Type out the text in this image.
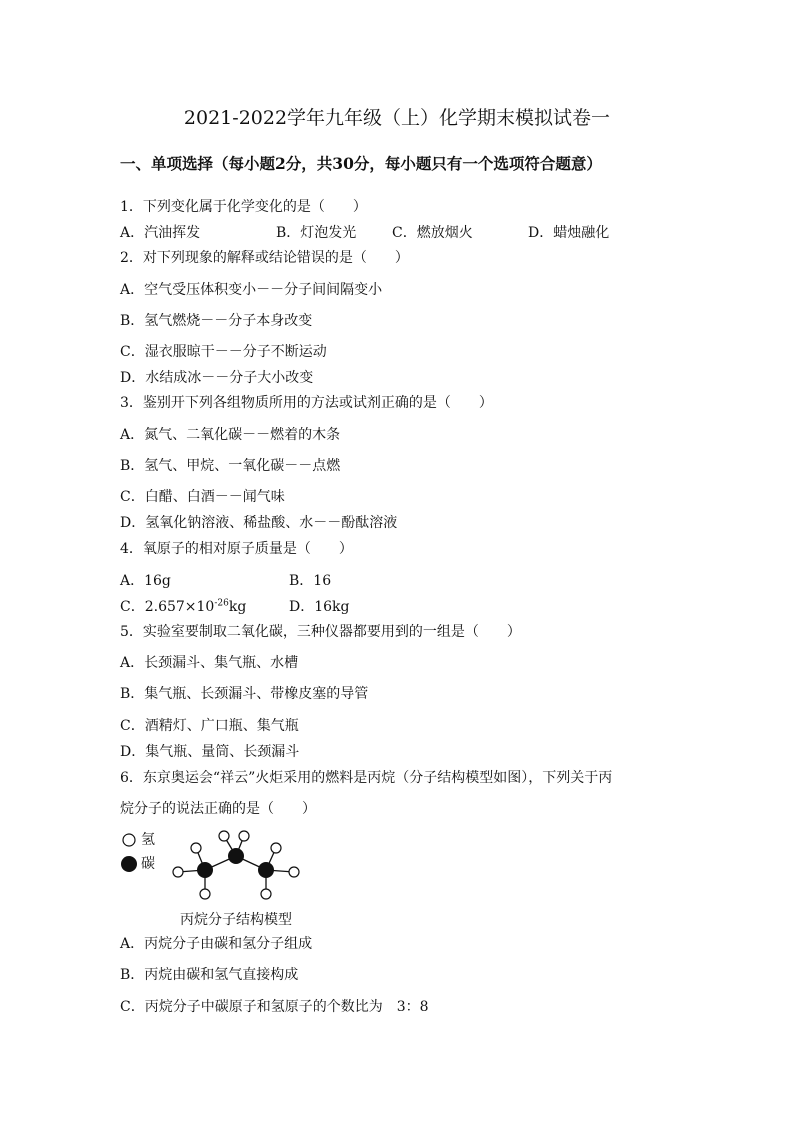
2021-2022学年九年级（上）化学期末模拟试卷一
一、单项选择（每小题2分，共30分，每小题只有一个选项符合题意）
1．下列变化属于化学变化的是（　　）
A．汽油挥发	B．灯泡发光	C．燃放烟火	D．蜡烛融化
2．对下列现象的解释或结论错误的是（　　）
A．空气受压体积变小－－分子间间隔变小
B．氢气燃烧－－分子本身改变
C．湿衣服晾干－－分子不断运动
D．水结成冰－－分子大小改变
3．鉴别开下列各组物质所用的方法或试剂正确的是（　　）
A．氮气、二氧化碳－－燃着的木条
B．氢气、甲烷、一氧化碳－－点燃
C．白醋、白酒－－闻气味
D．氢氧化钠溶液、稀盐酸、水－－酚酞溶液
4．氧原子的相对原子质量是（　　）
A．16g	B．16
C．$2.657\times 10^{-26}kg$	D．16kg
5．实验室要制取二氧化碳，三种仪器都要用到的一组是（　　）
A．长颈漏斗、集气瓶、水槽
B．集气瓶、长颈漏斗、带橡皮塞的导管
C．酒精灯、广口瓶、集气瓶
D．集气瓶、量筒、长颈漏斗
6．东京奥运会“祥云”火炬采用的燃料是丙烷（分子结构模型如图），下列关于丙
烷分子的说法正确的是（　　）
氢
碳
丙烷分子结构模型
A．丙烷分子由碳和氢分子组成
B．丙烷由碳和氢气直接构成
C．丙烷分子中碳原子和氢原子的个数比为　3：8
